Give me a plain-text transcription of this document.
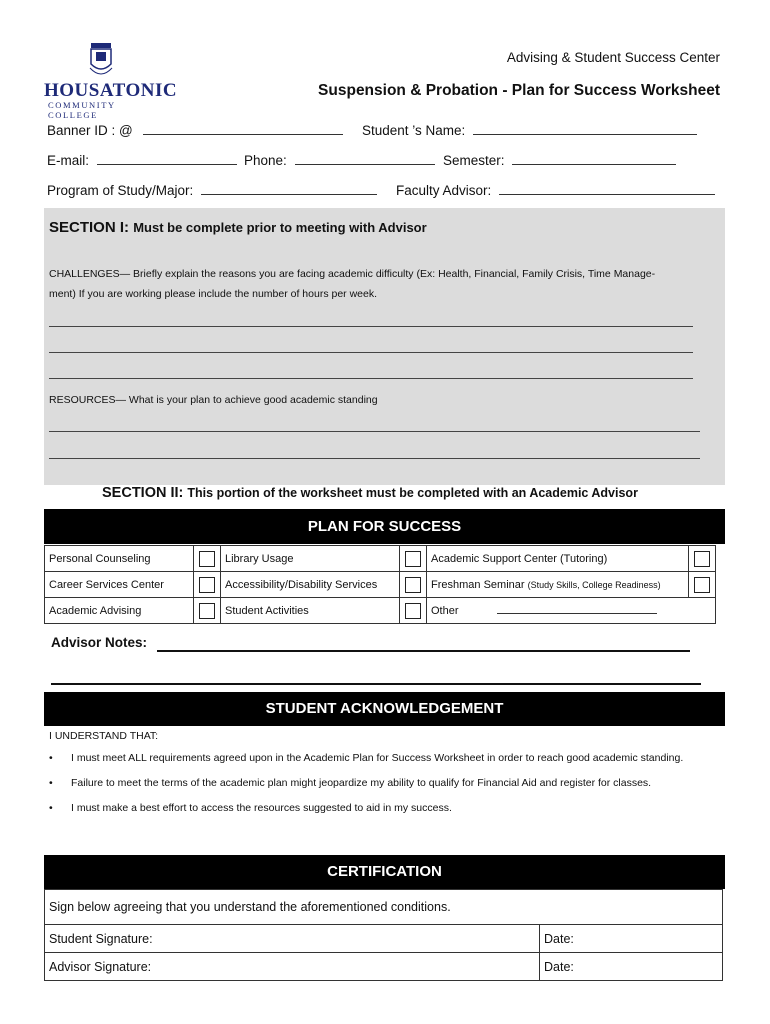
HOUSATONIC
COMMUNITY COLLEGE
Advising & Student Success Center
Suspension & Probation - Plan for Success Worksheet
Banner ID : @	Student ’s Name:
E-mail:	Phone:	Semester:
Program of Study/Major:	Faculty Advisor:
SECTION I: Must be complete prior to meeting with Advisor
CHALLENGES— Briefly explain the reasons you are facing academic difficulty (Ex: Health, Financial, Family Crisis, Time Manage-
ment) If you are working please include the number of hours per week.
RESOURCES— What is your plan to achieve good academic standing
SECTION II: This portion of the worksheet must be completed with an Academic Advisor
PLAN FOR SUCCESS
Personal Counseling		Library Usage		Academic Support Center (Tutoring)	
Career Services Center		Accessibility/Disability Services		Freshman Seminar (Study Skills, College Readiness)	
Academic Advising		Student Activities		Other	
Advisor Notes:
STUDENT ACKNOWLEDGEMENT
I UNDERSTAND THAT:
• I must meet ALL requirements agreed upon in the Academic Plan for Success Worksheet in order to reach good academic standing.
• Failure to meet the terms of the academic plan might jeopardize my ability to qualify for Financial Aid and register for classes.
• I must make a best effort to access the resources suggested to aid in my success.
CERTIFICATION
Sign below agreeing that you understand the aforementioned conditions.	
Student Signature:	Date:
Advisor Signature:	Date:
